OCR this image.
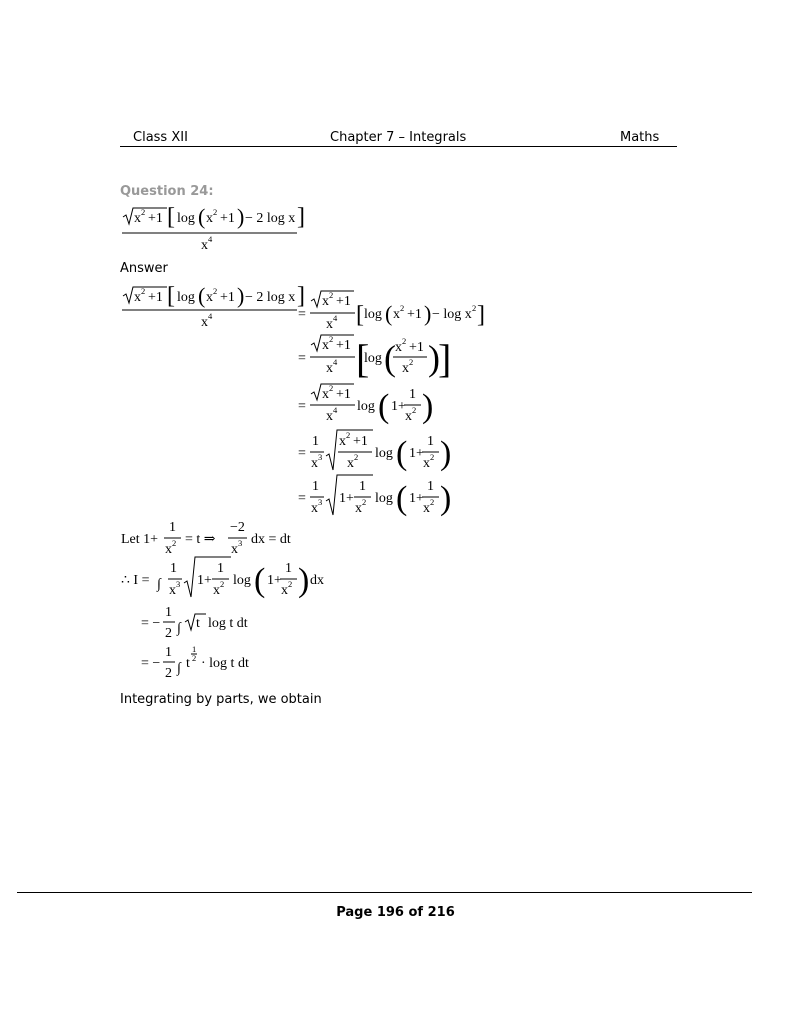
Class XII	Chapter 7 – Integrals	Maths
Question 24:
Answer
x 2 +1 [ log ( x 2 +1 ) − 2 log x ]
x 4
x 2 +1 [ log ( x 2 +1 ) − 2 log x ]
x 4	=
x 2 +1
x 4 [ log ( x 2 +1 ) − log x 2 ]
=
x 2 +1
x 4 [
log ( x 2 +1
x 2 )
]
=
x 2 +1
x 4 log ( 1+
1
x 2 )
=
1
x 3
x 2 +1
x 2 log ( 1+
1
x 2 )
=
1
x 3 1+
1
x 2 log ( 1+
1
x 2 )
Let 1+
1
x 2 = t ⇒
−2
x 3 dx = dt
∴ I = ∫
1
x 3 1+
1
x 2 log ( 1+
1
x 2 ) dx
= −
1
2 ∫ t log t dt
= −
1
2 ∫ t
1
2 · log t dt
Integrating by parts, we obtain
Page 196 of 216
